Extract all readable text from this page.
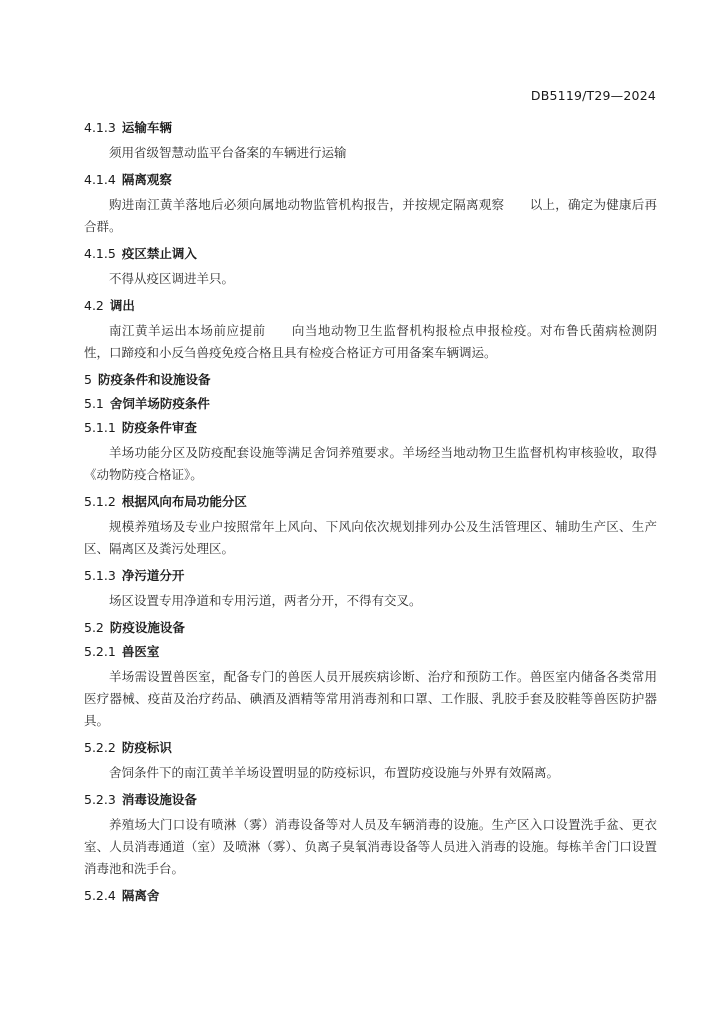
DB5119/T29—2024
4.1.3 运输车辆

须用省级智慧动监平台备案的车辆进行运输

4.1.4 隔离观察

购进南江黄羊落地后必须向属地动物监管机构报告，并按规定隔离观察　　以上，确定为健康后再合群。

4.1.5 疫区禁止调入

不得从疫区调进羊只。

4.2 调出

南江黄羊运出本场前应提前　　向当地动物卫生监督机构报检点申报检疫。对布鲁氏菌病检测阴性，口蹄疫和小反刍兽疫免疫合格且具有检疫合格证方可用备案车辆调运。

5 防疫条件和设施设备
5.1 舍饲羊场防疫条件
5.1.1 防疫条件审查

羊场功能分区及防疫配套设施等满足舍饲养殖要求。羊场经当地动物卫生监督机构审核验收，取得《动物防疫合格证》。

5.1.2 根据风向布局功能分区

规模养殖场及专业户按照常年上风向、下风向依次规划排列办公及生活管理区、辅助生产区、生产区、隔离区及粪污处理区。

5.1.3 净污道分开

场区设置专用净道和专用污道，两者分开，不得有交叉。

5.2 防疫设施设备
5.2.1 兽医室

羊场需设置兽医室，配备专门的兽医人员开展疾病诊断、治疗和预防工作。兽医室内储备各类常用医疗器械、疫苗及治疗药品、碘酒及酒精等常用消毒剂和口罩、工作服、乳胶手套及胶鞋等兽医防护器具。

5.2.2 防疫标识

舍饲条件下的南江黄羊羊场设置明显的防疫标识，布置防疫设施与外界有效隔离。

5.2.3 消毒设施设备

养殖场大门口设有喷淋（雾）消毒设备等对人员及车辆消毒的设施。生产区入口设置洗手盆、更衣室、人员消毒通道（室）及喷淋（雾）、负离子臭氧消毒设备等人员进入消毒的设施。每栋羊舍门口设置消毒池和洗手台。

5.2.4 隔离舍
